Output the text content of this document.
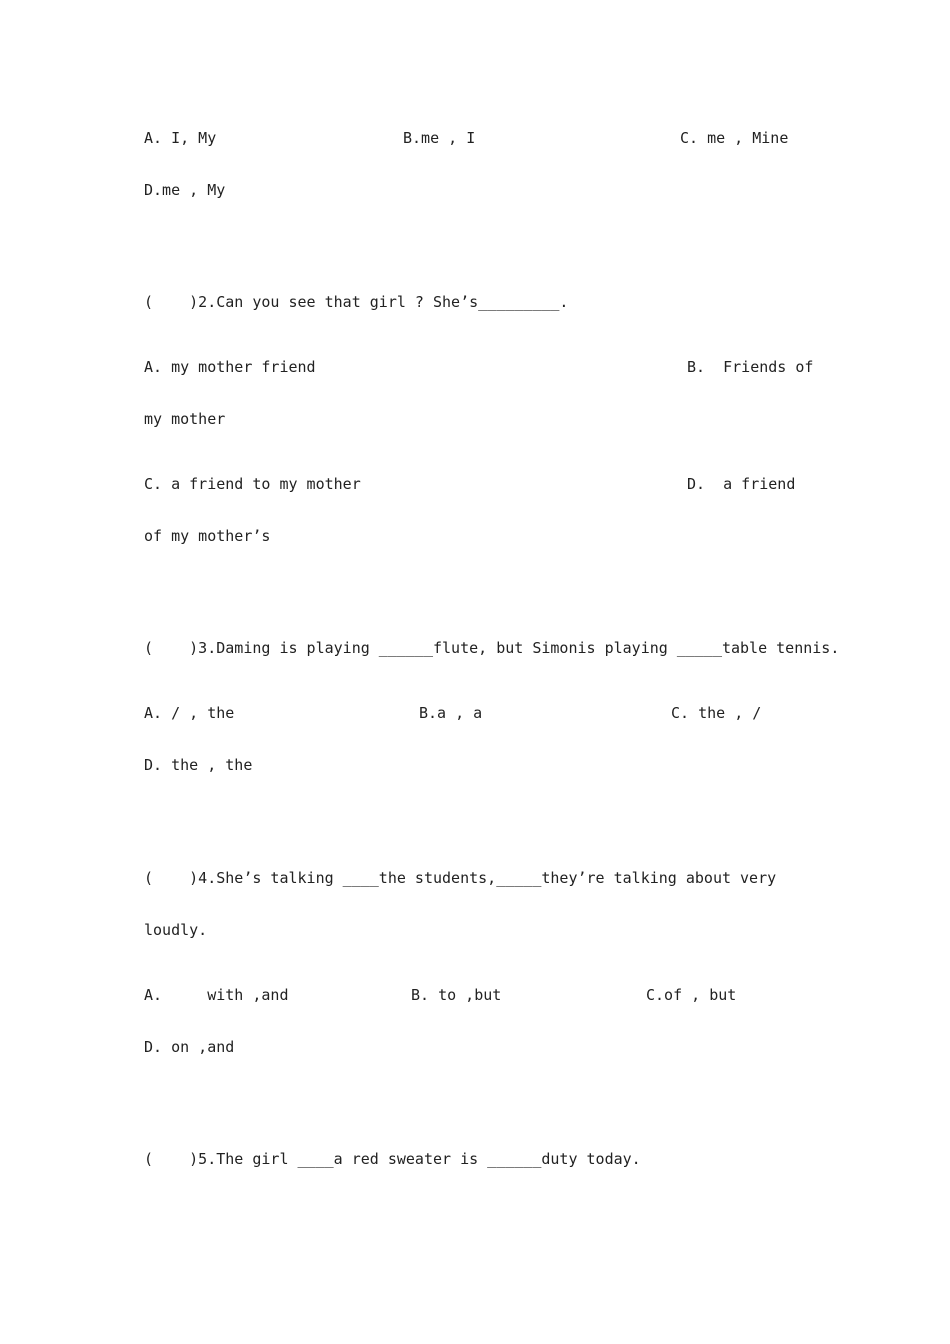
A. I, My	B.me , I	C. me , Mine
D.me , My
(    )2.Can you see that girl ? She’s_________.
A. my mother friend	B.  Friends of
my mother
C. a friend to my mother	D.  a friend
of my mother’s
(    )3.Daming is playing ______flute, but Simonis playing _____table tennis.
A. / , the	B.a , a	C. the , /
D. the , the
(    )4.She’s talking ____the students,_____they’re talking about very
loudly.
A.     with ,and	B. to ,but	C.of , but
D. on ,and
(    )5.The girl ____a red sweater is ______duty today.
